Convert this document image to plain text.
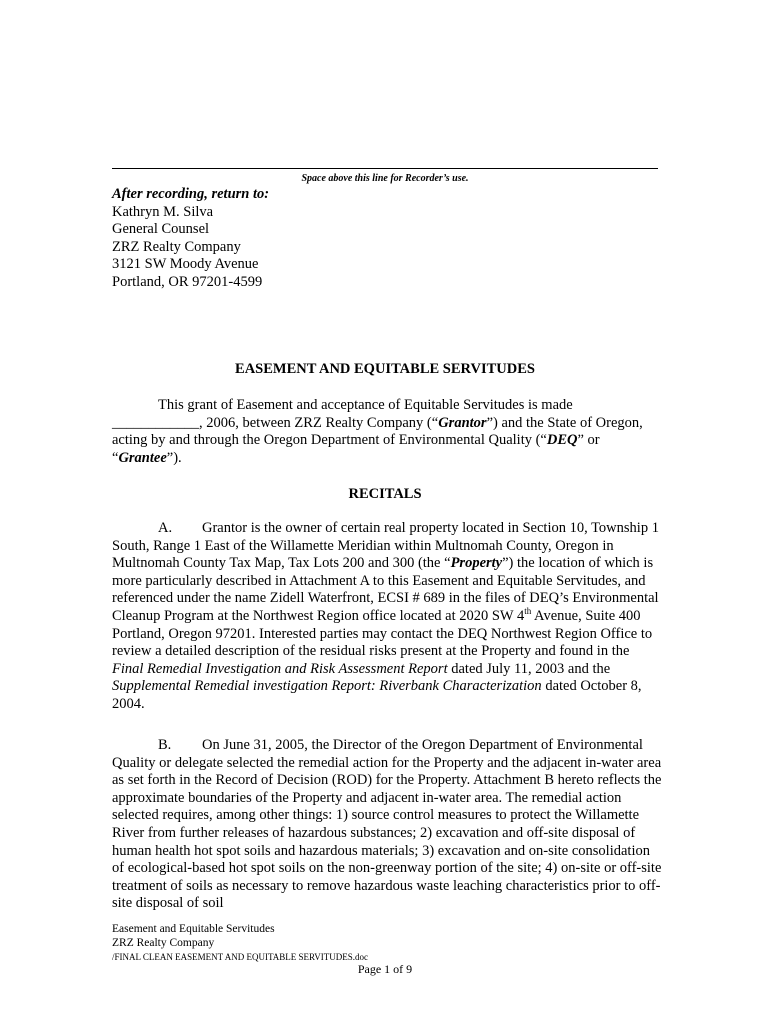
Space above this line for Recorder’s use.
After recording, return to:
Kathryn M. Silva
General Counsel
ZRZ Realty Company
3121 SW Moody Avenue
Portland, OR 97201-4599
EASEMENT AND EQUITABLE SERVITUDES
This grant of Easement and acceptance of Equitable Servitudes is made ____________, 2006, between ZRZ Realty Company (“Grantor”) and the State of Oregon, acting by and through the Oregon Department of Environmental Quality (“DEQ” or “Grantee”).
RECITALS
A. Grantor is the owner of certain real property located in Section 10, Township 1 South, Range 1 East of the Willamette Meridian within Multnomah County, Oregon in Multnomah County Tax Map, Tax Lots 200 and 300 (the “Property”) the location of which is more particularly described in Attachment A to this Easement and Equitable Servitudes, and referenced under the name Zidell Waterfront, ECSI # 689 in the files of DEQ’s Environmental Cleanup Program at the Northwest Region office located at 2020 SW 4th Avenue, Suite 400 Portland, Oregon 97201. Interested parties may contact the DEQ Northwest Region Office to review a detailed description of the residual risks present at the Property and found in the Final Remedial Investigation and Risk Assessment Report dated July 11, 2003 and the Supplemental Remedial investigation Report: Riverbank Characterization dated October 8, 2004.
B. On June 31, 2005, the Director of the Oregon Department of Environmental Quality or delegate selected the remedial action for the Property and the adjacent in-water area as set forth in the Record of Decision (ROD) for the Property. Attachment B hereto reflects the approximate boundaries of the Property and adjacent in-water area. The remedial action selected requires, among other things: 1) source control measures to protect the Willamette River from further releases of hazardous substances; 2) excavation and off-site disposal of human health hot spot soils and hazardous materials; 3) excavation and on-site consolidation of ecological-based hot spot soils on the non-greenway portion of the site; 4) on-site or off-site treatment of soils as necessary to remove hazardous waste leaching characteristics prior to off-site disposal of soil
Easement and Equitable Servitudes
ZRZ Realty Company
/FINAL CLEAN EASEMENT AND EQUITABLE SERVITUDES.doc
Page 1 of 9
